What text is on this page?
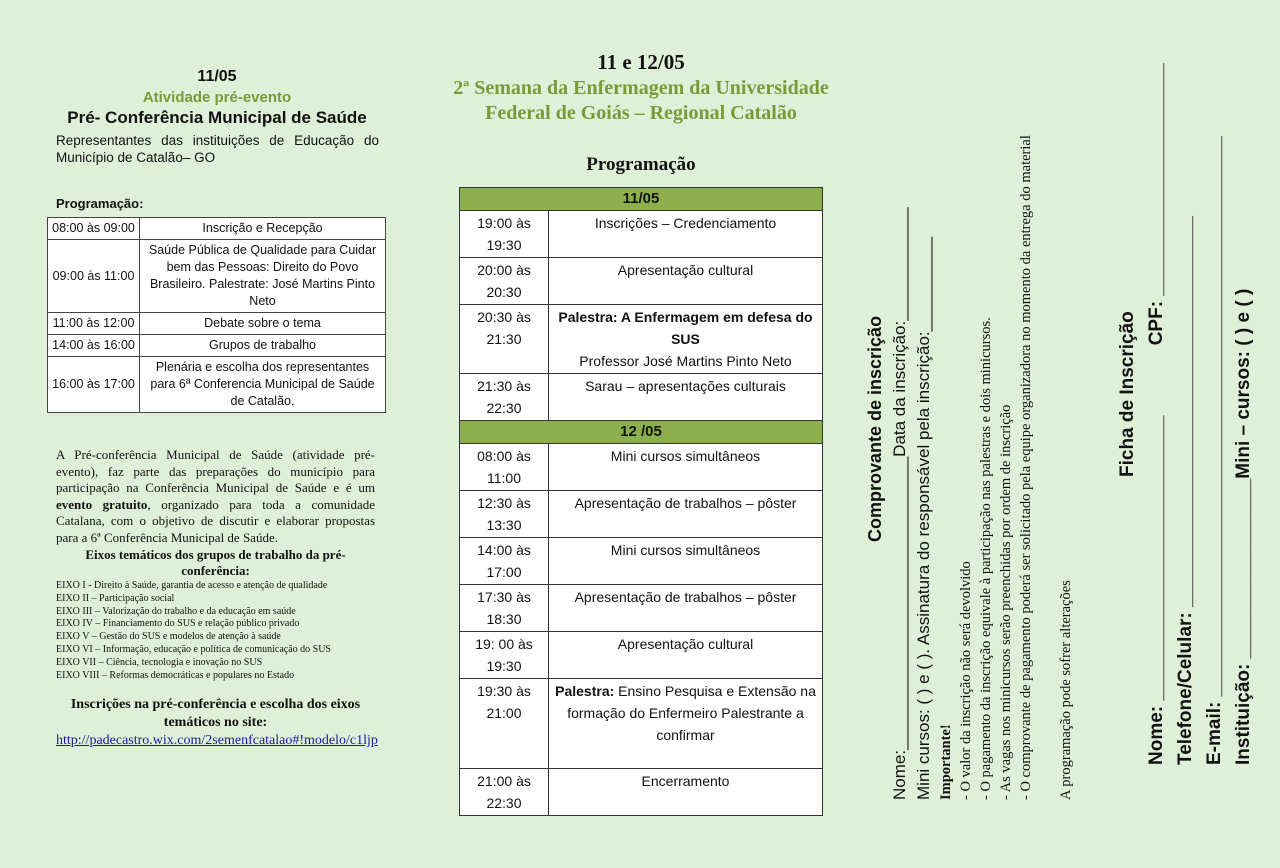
11/05
Atividade pré-evento
Pré- Conferência Municipal de Saúde
Representantes das instituições de Educação do Município de Catalão– GO
Programação:
08:00 às 09:00	Inscrição e Recepção
09:00 às 11:00	Saúde Pública de Qualidade para Cuidar bem das Pessoas: Direito do Povo Brasileiro. Palestrate: José Martins Pinto Neto
11:00 às 12:00	Debate sobre o tema
14:00 às 16:00	Grupos de trabalho
16:00 às 17:00	Plenária e escolha dos representantes para 6ª Conferencia Municipal de Saúde de Catalão.
A Pré-conferência Municipal de Saúde (atividade pré-evento), faz parte das preparações do município para participação na Conferência Municipal de Saúde e é um evento gratuito, organizado para toda a comunidade Catalana, com o objetivo de discutir e elaborar propostas para a 6ª Conferência Municipal de Saúde.
Eixos temáticos dos grupos de trabalho da pré-conferência:
EIXO I - Direito à Saúde, garantia de acesso e atenção de qualidade
EIXO II – Participação social
EIXO III – Valorização do trabalho e da educação em saúde
EIXO IV – Financiamento do SUS e relação público privado
EIXO V – Gestão do SUS e modelos de atenção à saúde
EIXO VI – Informação, educação e política de comunicação do SUS
EIXO VII – Ciência, tecnologia e inovação no SUS
EIXO VIII – Reformas democráticas e populares no Estado
Inscrições na pré-conferência e escolha dos eixos temáticos no site:
http://padecastro.wix.com/2semenfcatalao#!modelo/c1ljp
11 e 12/05
2ª Semana da Enfermagem da Universidade Federal de Goiás – Regional Catalão
Programação
11/05	
19:00 às 19:30	Inscrições – Credenciamento
20:00 às 20:30	Apresentação cultural
20:30 às 21:30	Palestra: A Enfermagem em defesa do SUS
Professor José Martins Pinto Neto
21:30 às 22:30	Sarau – apresentações culturais
12 /05	
08:00 às 11:00	Mini cursos simultâneos
12:30 às 13:30	Apresentação de trabalhos – pôster
14:00 às 17:00	Mini cursos simultâneos
17:30 às 18:30	Apresentação de trabalhos – pôster
19: 00 às 19:30	Apresentação cultural
19:30 às 21:00	Palestra: Ensino Pesquisa e Extensão na formação do Enfermeiro Palestrante a confirmar
21:00 às 22:30	Encerramento
Comprovante de inscrição Nome:_______________________________Data da inscrição:____________ Mini cursos: ( ) e ( ). Assinatura do responsável pela inscrição:__________ Importante! - O valor da inscrição não será devolvido - O pagamento da inscrição equivale à participação nas palestras e dois minicursos. - As vagas nos minicursos serão preenchidas por ordem de inscrição - O comprovante de pagamento poderá ser solicitado pela equipe organizadora no momento da entrega do material	A programação pode sofrer alterações
Ficha de Inscrição
Nome: ___________________________CPF: ______________________
Telefone/Celular: _____________________________________ E-mail: _____________________________________________________ Instituição: _________________Mini – cursos: ( ) e ( )
